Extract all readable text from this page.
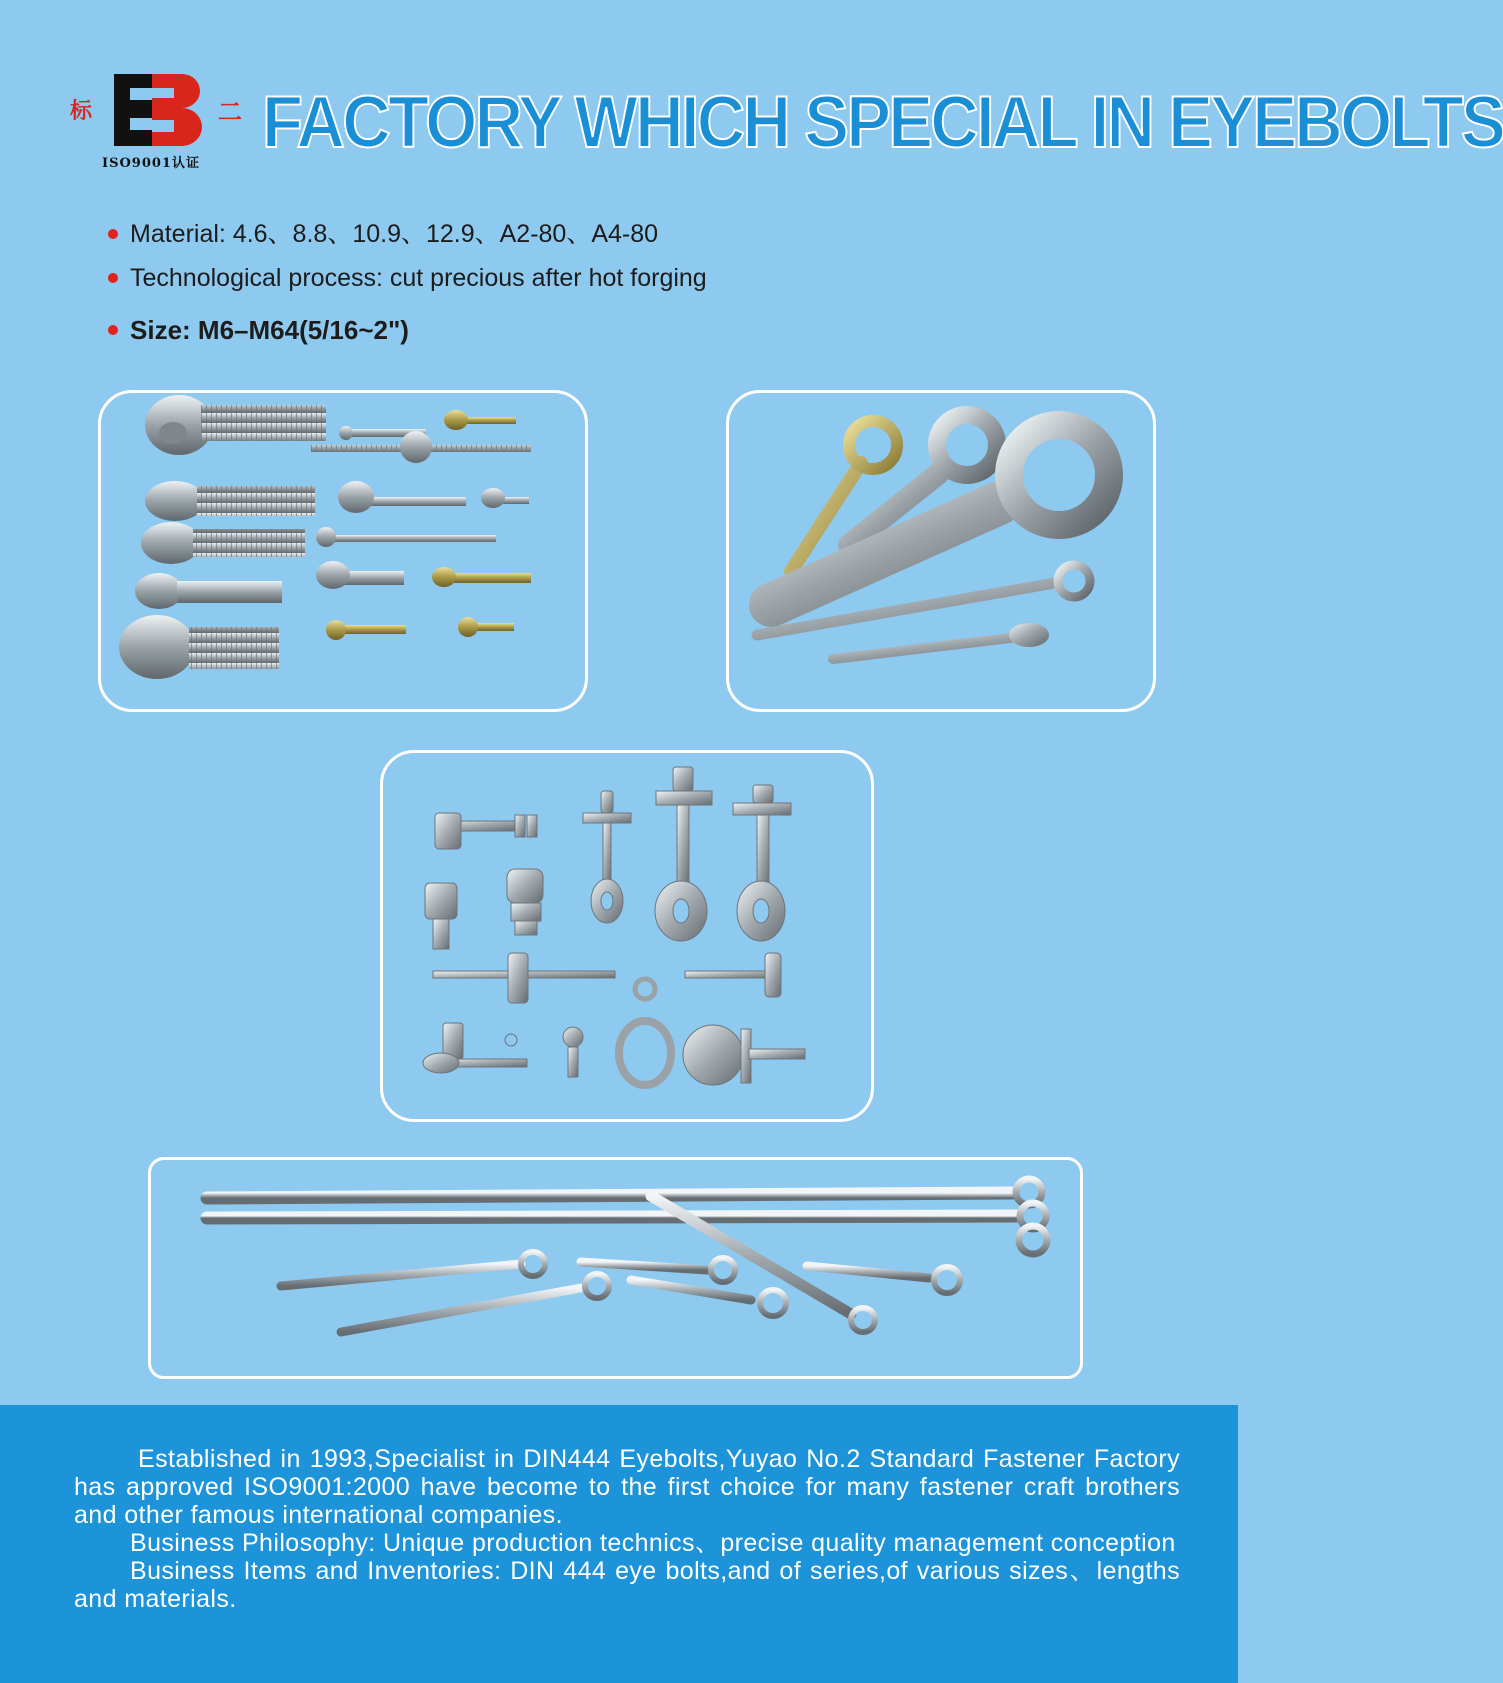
标	二
ISO9001认证
FACTORY WHICH SPECIAL IN EYEBOLTS
Material: 4.6、8.8、10.9、12.9、A2-80、A4-80
Technological process: cut precious after hot forging
Size: M6–M64(5/16~2")

Established in 1993,Specialist in DIN444 Eyebolts,Yuyao No.2 Standard Fastener Factory has approved ISO9001:2000 have become to the first choice for many fastener craft brothers and other famous international companies.

Business Philosophy: Unique production technics、precise quality management conception

Business Items and Inventories: DIN 444 eye bolts,and of series,of various sizes、lengths and materials.
